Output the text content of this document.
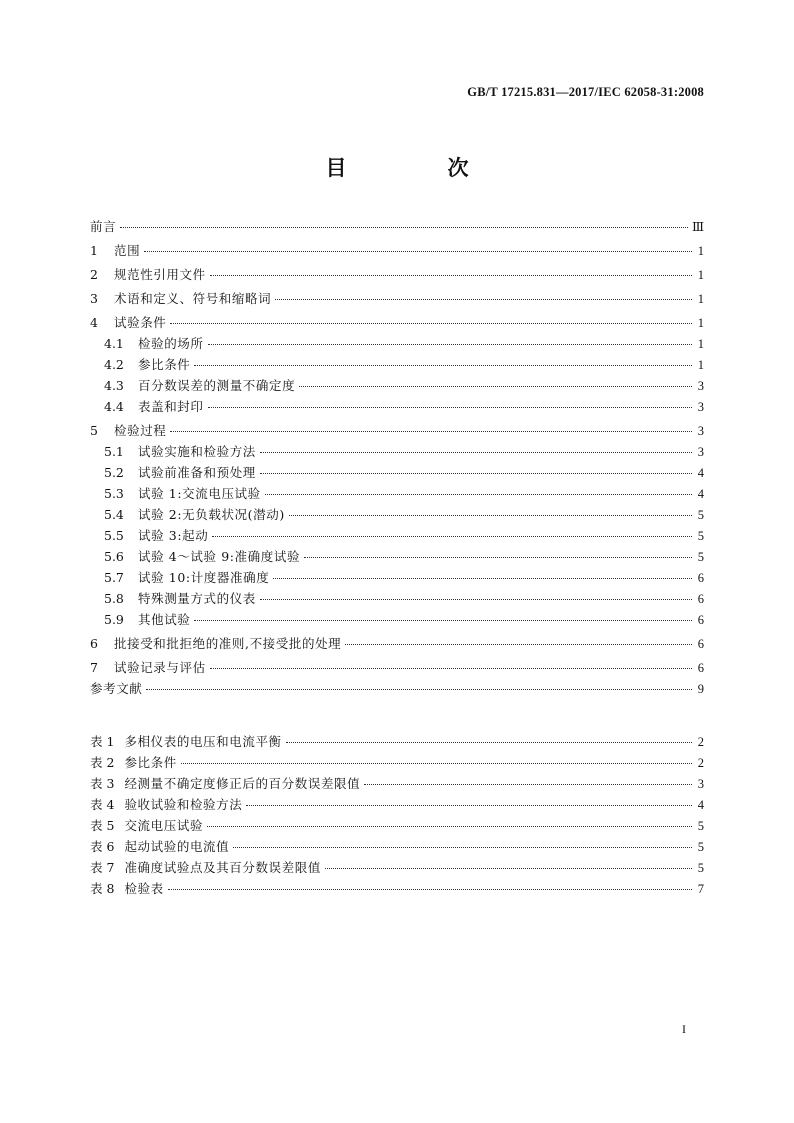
GB/T 17215.831—2017/IEC 62058-31:2008
目　次
前言	Ⅲ
1 范围	1
2 规范性引用文件	1
3 术语和定义、符号和缩略词	1
4 试验条件	1
4.1 检验的场所	1
4.2 参比条件	1
4.3 百分数误差的测量不确定度	3
4.4 表盖和封印	3
5 检验过程	3
5.1 试验实施和检验方法	3
5.2 试验前准备和预处理	4
5.3 试验 1:交流电压试验	4
5.4 试验 2:无负载状况(潜动)	5
5.5 试验 3:起动	5
5.6 试验 4～试验 9:准确度试验	5
5.7 试验 10:计度器准确度	6
5.8 特殊测量方式的仪表	6
5.9 其他试验	6
6 批接受和批拒绝的准则,不接受批的处理	6
7 试验记录与评估	6
参考文献	9
表 1 多相仪表的电压和电流平衡	2
表 2 参比条件	2
表 3 经测量不确定度修正后的百分数误差限值	3
表 4 验收试验和检验方法	4
表 5 交流电压试验	5
表 6 起动试验的电流值	5
表 7 准确度试验点及其百分数误差限值	5
表 8 检验表	7
I
